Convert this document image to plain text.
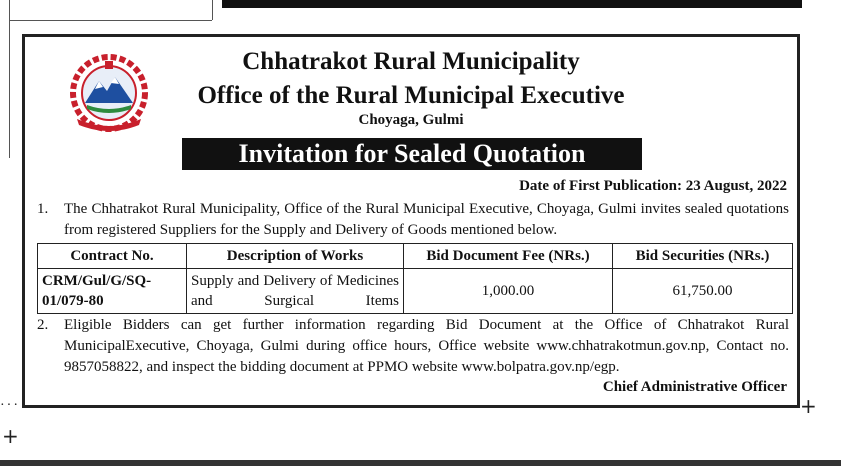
Chhatrakot Rural Municipality
Office of the Rural Municipal Executive
Choyaga, Gulmi
Invitation for Sealed Quotation
Date of First Publication: 23 August, 2022
1. The Chhatrakot Rural Municipality, Office of the Rural Municipal Executive, Choyaga, Gulmi invites sealed quotations from registered Suppliers for the Supply and Delivery of Goods mentioned below.
Contract No.	Description of Works	Bid Document Fee (NRs.)	Bid Securities (NRs.)
CRM/Gul/G/SQ-01/079-80	Supply and Delivery of Medicines and Surgical Items	1,000.00	61,750.00
2. Eligible Bidders can get further information regarding Bid Document at the Office of Chhatrakot Rural MunicipalExecutive, Choyaga, Gulmi during office hours, Office website www.chhatrakotmun.gov.np, Contact no. 9857058822, and inspect the bidding document at PPMO website www.bolpatra.gov.np/egp.
Chief Administrative Officer
+
+
···
